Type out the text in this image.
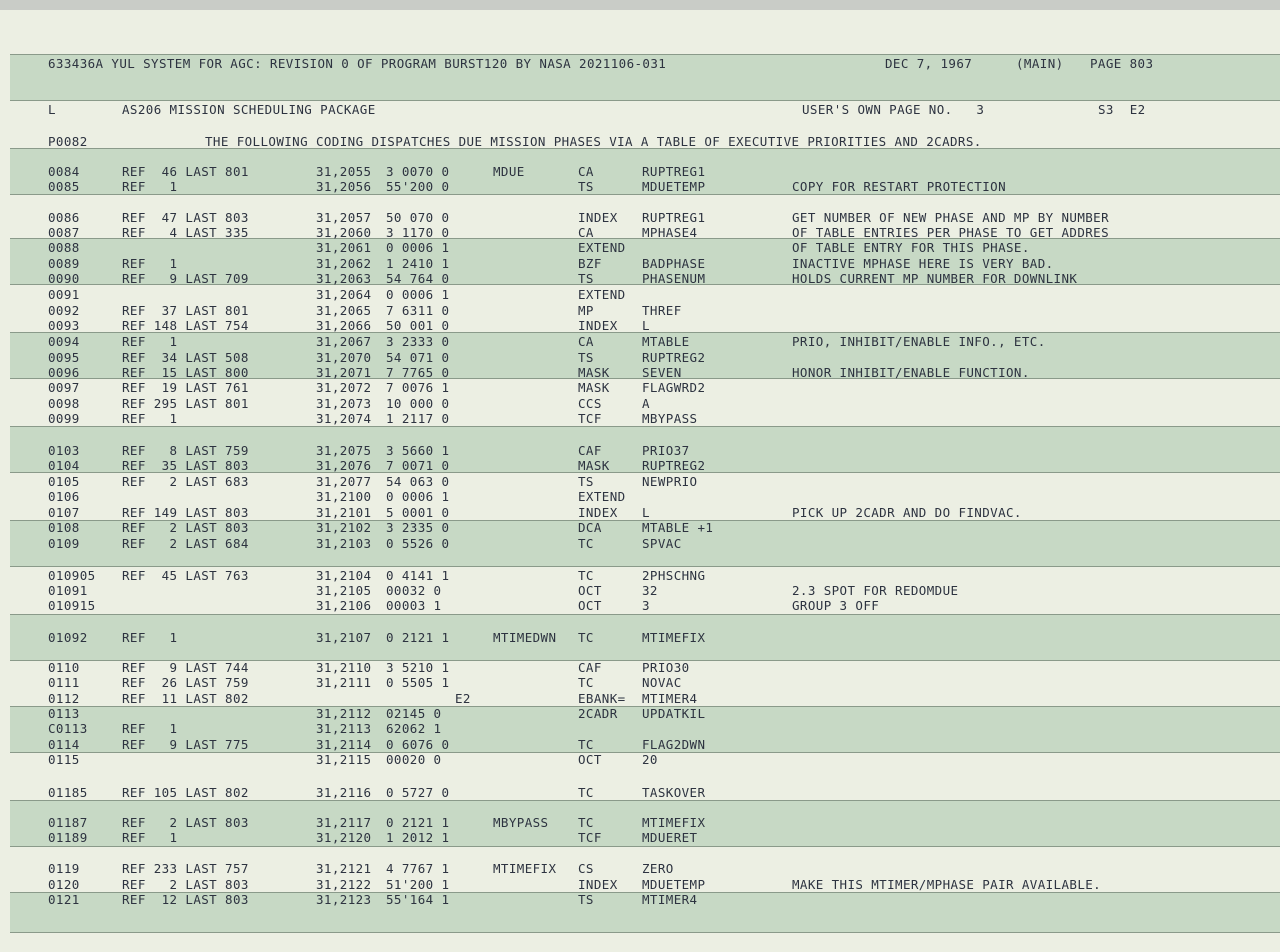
633436A YUL SYSTEM FOR AGC: REVISION 0 OF PROGRAM BURST120 BY NASA 2021106-031	DEC 7, 1967	(MAIN) PAGE 803
L	AS206 MISSION SCHEDULING PACKAGE	USER'S OWN PAGE NO.   3	S3  E2
P0082	THE FOLLOWING CODING DISPATCHES DUE MISSION PHASES VIA A TABLE OF EXECUTIVE PRIORITIES AND 2CADRS.
0084	REF  46 LAST 801	31,2055 3 0070 0	MDUE	CA	RUPTREG1
0085	REF   1	31,2056 55'200 0	TS	MDUETEMP	COPY FOR RESTART PROTECTION
0086	REF  47 LAST 803	31,2057 50 070 0	INDEX RUPTREG1	GET NUMBER OF NEW PHASE AND MP BY NUMBER
0087	REF   4 LAST 335	31,2060 3 1170 0	CA	MPHASE4	OF TABLE ENTRIES PER PHASE TO GET ADDRES
0088	31,2061 0 0006 1	EXTEND	OF TABLE ENTRY FOR THIS PHASE.
0089	REF   1	31,2062 1 2410 1	BZF	BADPHASE	INACTIVE MPHASE HERE IS VERY BAD.
0090	REF   9 LAST 709	31,2063 54 764 0	TS	PHASENUM	HOLDS CURRENT MP NUMBER FOR DOWNLINK
0091	31,2064 0 0006 1	EXTEND
0092	REF  37 LAST 801	31,2065 7 6311 0	MP	THREF
0093	REF 148 LAST 754	31,2066 50 001 0	INDEX L
0094	REF   1	31,2067 3 2333 0	CA	MTABLE	PRIO, INHIBIT/ENABLE INFO., ETC.
0095	REF  34 LAST 508	31,2070 54 071 0	TS	RUPTREG2
0096	REF  15 LAST 800	31,2071 7 7765 0	MASK	SEVEN	HONOR INHIBIT/ENABLE FUNCTION.
0097	REF  19 LAST 761	31,2072 7 0076 1	MASK	FLAGWRD2
0098	REF 295 LAST 801	31,2073 10 000 0	CCS	A
0099	REF   1	31,2074 1 2117 0	TCF	MBYPASS
0103	REF   8 LAST 759	31,2075 3 5660 1	CAF	PRIO37
0104	REF  35 LAST 803	31,2076 7 0071 0	MASK	RUPTREG2
0105	REF   2 LAST 683	31,2077 54 063 0	TS	NEWPRIO
0106	31,2100 0 0006 1	EXTEND
0107	REF 149 LAST 803	31,2101 5 0001 0	INDEX L	PICK UP 2CADR AND DO FINDVAC.
0108	REF   2 LAST 803	31,2102 3 2335 0	DCA	MTABLE +1
0109	REF   2 LAST 684	31,2103 0 5526 0	TC	SPVAC
010905 REF  45 LAST 763	31,2104 0 4141 1	TC	2PHSCHNG
01091	31,2105 00032 0	OCT	32	2.3 SPOT FOR REDOMDUE
010915	31,2106 00003 1	OCT	3	GROUP 3 OFF
01092	REF   1	31,2107 0 2121 1	MTIMEDWN TC	MTIMEFIX
0110	REF   9 LAST 744	31,2110 3 5210 1	CAF	PRIO30
0111	REF  26 LAST 759	31,2111 0 5505 1	TC	NOVAC
0112	REF  11 LAST 802	E2	EBANK= MTIMER4
0113	31,2112 02145 0	2CADR UPDATKIL
C0113	REF   1	31,2113 62062 1
0114	REF   9 LAST 775	31,2114 0 6076 0	TC	FLAG2DWN
0115	31,2115 00020 0	OCT	20
01185	REF 105 LAST 802	31,2116 0 5727 0	TC	TASKOVER
01187	REF   2 LAST 803	31,2117 0 2121 1	MBYPASS TC	MTIMEFIX
01189	REF   1	31,2120 1 2012 1	TCF	MDUERET
0119	REF 233 LAST 757	31,2121 4 7767 1	MTIMEFIX CS	ZERO
0120	REF   2 LAST 803	31,2122 51'200 1	INDEX MDUETEMP	MAKE THIS MTIMER/MPHASE PAIR AVAILABLE.
0121	REF  12 LAST 803	31,2123 55'164 1	TS	MTIMER4
